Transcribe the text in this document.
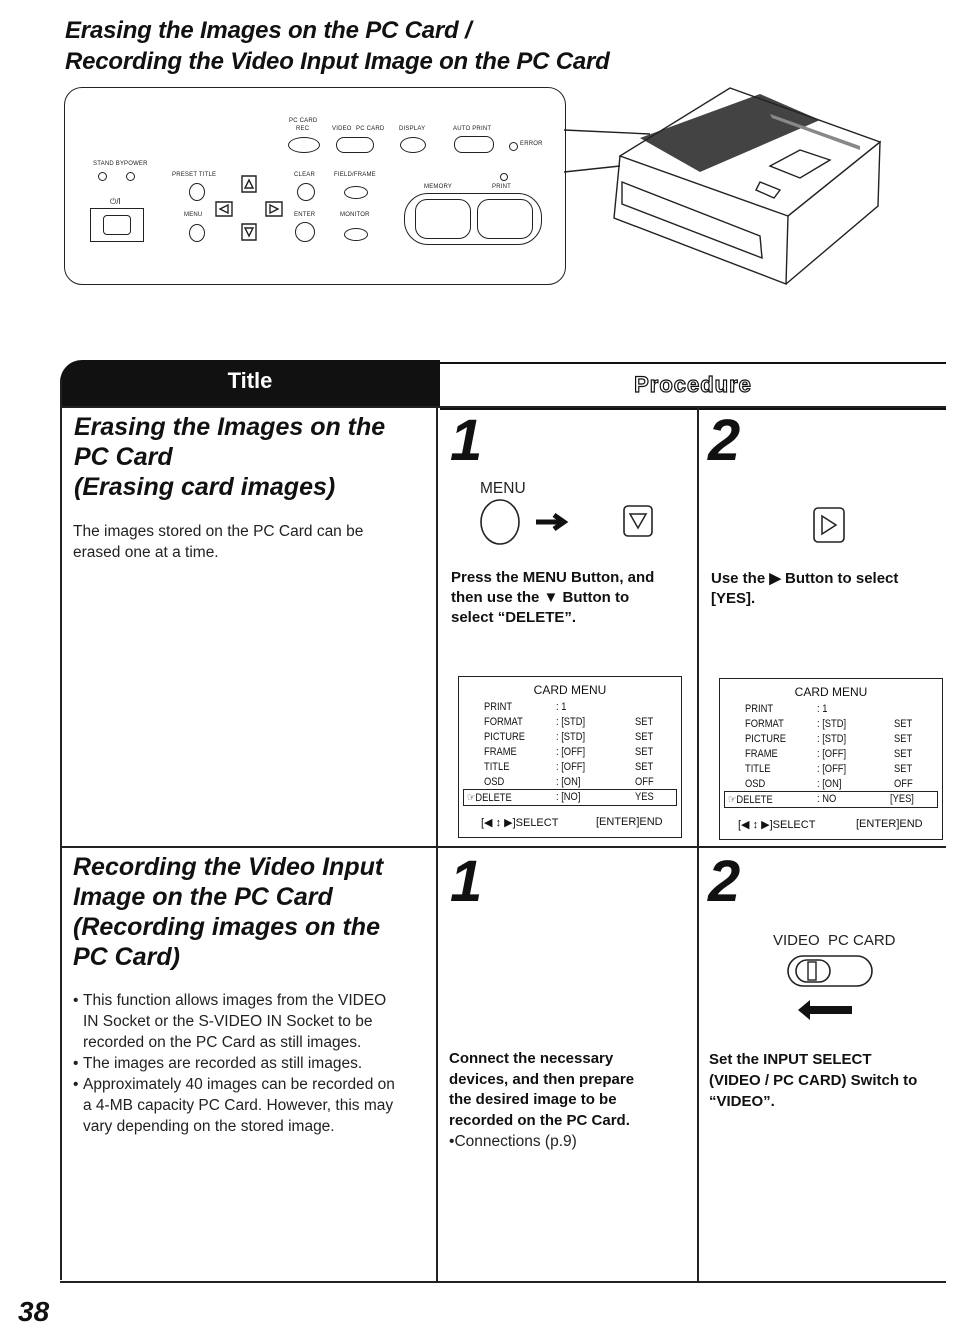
Erasing the Images on the PC Card /
Recording the Video Input Image on the PC Card
PC CARD
REC	VIDEO PC CARD DISPLAY	AUTO PRINT
ERROR
STAND BY POWER
⏻/I
PRESET TITLE
MENU
CLEAR	FIELD/FRAME
ENTER	MONITOR
MEMORY	PRINT
Title	Procedure
Erasing the Images on the
PC Card
(Erasing card images)
The images stored on the PC Card can be
erased one at a time.
1
MENU
Press the MENU Button, and
then use the ▼ Button to
select “DELETE”.
CARD MENU
PRINT	: 1
FORMAT	: [STD]	SET
PICTURE	: [STD]	SET
FRAME	: [OFF]	SET
TITLE	: [OFF]	SET
OSD	: [ON]	OFF
☞DELETE	: [NO]	YES
[◀ ↕ ▶]SELECT	[ENTER]END
2
Use the ▶ Button to select
[YES].
CARD MENU
PRINT	: 1
FORMAT	: [STD]	SET
PICTURE	: [STD]	SET
FRAME	: [OFF]	SET
TITLE	: [OFF]	SET
OSD	: [ON]	OFF
☞DELETE	: NO	[YES]
[◀ ↕ ▶]SELECT	[ENTER]END
Recording the Video Input
Image on the PC Card
(Recording images on the
PC Card)
• This function allows images from the VIDEO
IN Socket or the S-VIDEO IN Socket to be
recorded on the PC Card as still images.
• The images are recorded as still images.
• Approximately 40 images can be recorded on
a 4-MB capacity PC Card. However, this may
vary depending on the stored image.
1
Connect the necessary
devices, and then prepare
the desired image to be
recorded on the PC Card.
•Connections (p.9)
2
VIDEO  PC CARD
Set the INPUT SELECT
(VIDEO / PC CARD) Switch to
“VIDEO”.
38
